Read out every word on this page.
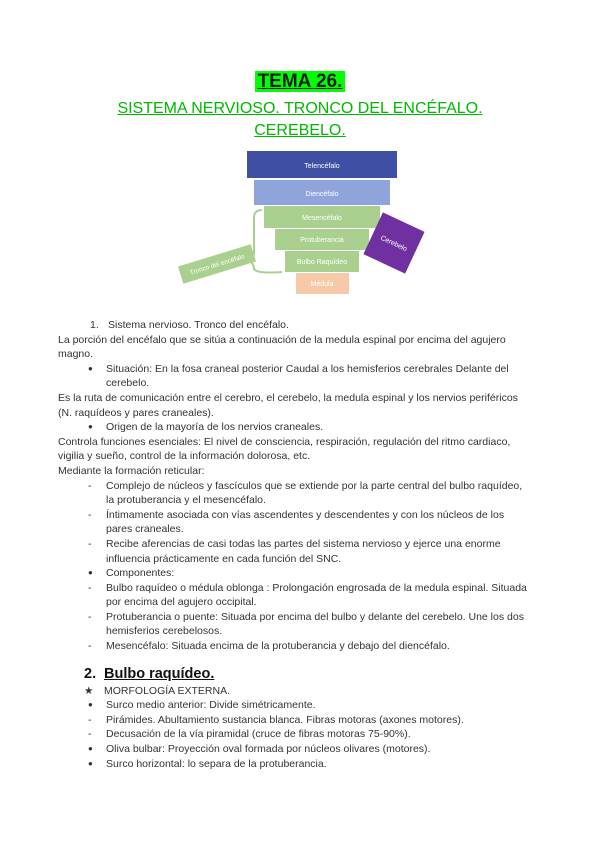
TEMA 26.
SISTEMA NERVIOSO. TRONCO DEL ENCÉFALO.
CEREBELO.
Telencéfalo
Diencéfalo
Mesencéfalo
Protuberancia
Bulbo Raquídeo
Médula
Tronco del encéfalo
Cerebelo
1. Sistema nervioso. Tronco del encéfalo.

La porción del encéfalo que se sitúa a continuación de la medula espinal por encima del agujero magno.

●	Situación: En la fosa craneal posterior Caudal a los hemisferios cerebrales Delante del cerebelo.

Es la ruta de comunicación entre el cerebro, el cerebelo, la medula espinal y los nervios periféricos (N. raquídeos y pares craneales).

●	Origen de la mayoría de los nervios craneales.

Controla funciones esenciales: El nivel de consciencia, respiración, regulación del ritmo cardiaco, vigilia y sueño, control de la información dolorosa, etc.

Mediante la formación reticular:

-	Complejo de núcleos y fascículos que se extiende por la parte central del bulbo raquídeo, la protuberancia y el mesencéfalo.
-	Íntimamente asociada con vías ascendentes y descendentes y con los núcleos de los pares craneales.
-	Recibe aferencias de casi todas las partes del sistema nervioso y ejerce una enorme influencia prácticamente en cada función del SNC.
●	Componentes:
-	Bulbo raquídeo o médula oblonga : Prolongación engrosada de la medula espinal. Situada por encima del agujero occipital.
-	Protuberancia o puente: Situada por encima del bulbo y delante del cerebelo. Une los dos hemisferios cerebelosos.
-	Mesencéfalo: Situada encima de la protuberancia y debajo del diencéfalo.
2. Bulbo raquídeo.
★	MORFOLOGÍA EXTERNA.
●	Surco medio anterior: Divide simétricamente.
-	Pirámides. Abultamiento sustancia blanca. Fibras motoras (axones motores).
-	Decusación de la vía piramidal (cruce de fibras motoras 75-90%).
●	Oliva bulbar: Proyección oval formada por núcleos olivares (motores).
●	Surco horizontal: lo separa de la protuberancia.
